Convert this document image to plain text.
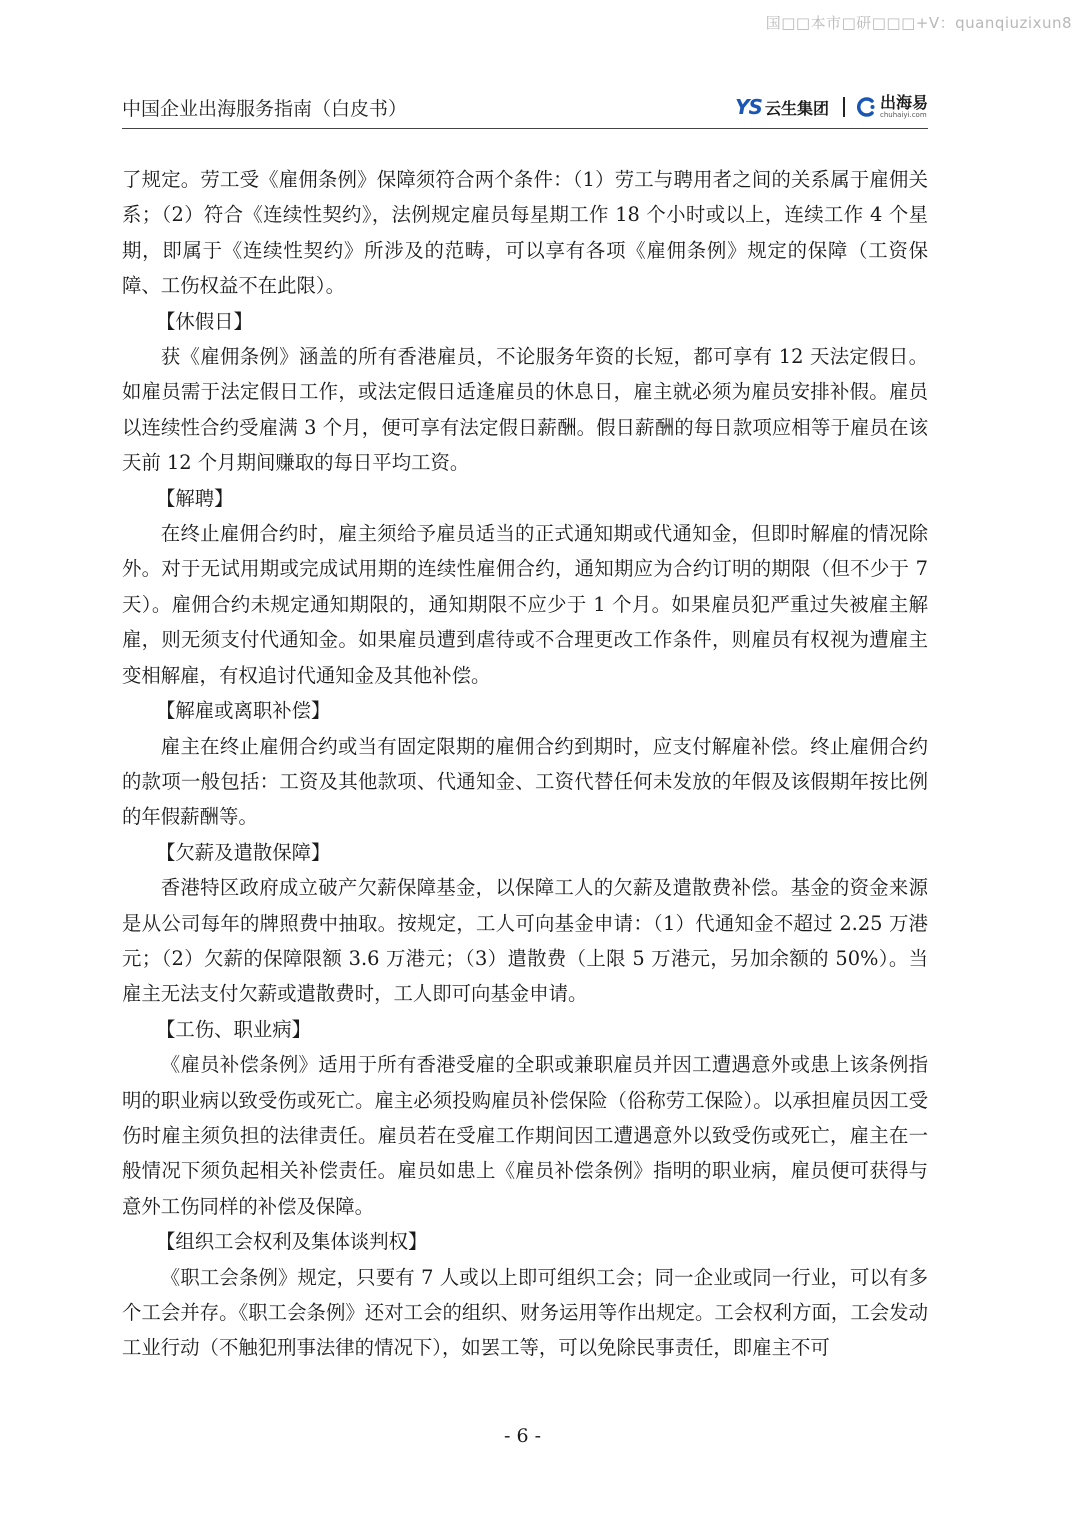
国□□本市□研□□□+V：quanqiuzixun8
中国企业出海服务指南（白皮书）	YS 云生集团	出海易
chuhaiyi.com

了规定。劳工受《雇佣条例》保障须符合两个条件：（1）劳工与聘用者之间的关系属于雇佣关系；（2）符合《连续性契约》，法例规定雇员每星期工作 18 个小时或以上，连续工作 4 个星期，即属于《连续性契约》所涉及的范畴，可以享有各项《雇佣条例》规定的保障（工资保障、工伤权益不在此限）。

【休假日】

获《雇佣条例》涵盖的所有香港雇员，不论服务年资的长短，都可享有 12 天法定假日。如雇员需于法定假日工作，或法定假日适逢雇员的休息日，雇主就必须为雇员安排补假。雇员以连续性合约受雇满 3 个月，便可享有法定假日薪酬。假日薪酬的每日款项应相等于雇员在该天前 12 个月期间赚取的每日平均工资。

【解聘】

在终止雇佣合约时，雇主须给予雇员适当的正式通知期或代通知金，但即时解雇的情况除外。对于无试用期或完成试用期的连续性雇佣合约，通知期应为合约订明的期限（但不少于 7 天）。雇佣合约未规定通知期限的，通知期限不应少于 1 个月。如果雇员犯严重过失被雇主解雇，则无须支付代通知金。如果雇员遭到虐待或不合理更改工作条件，则雇员有权视为遭雇主变相解雇，有权追讨代通知金及其他补偿。

【解雇或离职补偿】

雇主在终止雇佣合约或当有固定限期的雇佣合约到期时，应支付解雇补偿。终止雇佣合约的款项一般包括：工资及其他款项、代通知金、工资代替任何未发放的年假及该假期年按比例的年假薪酬等。

【欠薪及遣散保障】

香港特区政府成立破产欠薪保障基金，以保障工人的欠薪及遣散费补偿。基金的资金来源是从公司每年的牌照费中抽取。按规定，工人可向基金申请：（1）代通知金不超过 2.25 万港元；（2）欠薪的保障限额 3.6 万港元；（3）遣散费（上限 5 万港元，另加余额的 50%）。当雇主无法支付欠薪或遣散费时，工人即可向基金申请。

【工伤、职业病】

《雇员补偿条例》适用于所有香港受雇的全职或兼职雇员并因工遭遇意外或患上该条例指明的职业病以致受伤或死亡。雇主必须投购雇员补偿保险（俗称劳工保险）。以承担雇员因工受伤时雇主须负担的法律责任。雇员若在受雇工作期间因工遭遇意外以致受伤或死亡，雇主在一般情况下须负起相关补偿责任。雇员如患上《雇员补偿条例》指明的职业病，雇员便可获得与意外工伤同样的补偿及保障。

【组织工会权利及集体谈判权】

《职工会条例》规定，只要有 7 人或以上即可组织工会；同一企业或同一行业，可以有多个工会并存。《职工会条例》还对工会的组织、财务运用等作出规定。工会权利方面，工会发动工业行动（不触犯刑事法律的情况下），如罢工等，可以免除民事责任，即雇主不可

- 6 -
